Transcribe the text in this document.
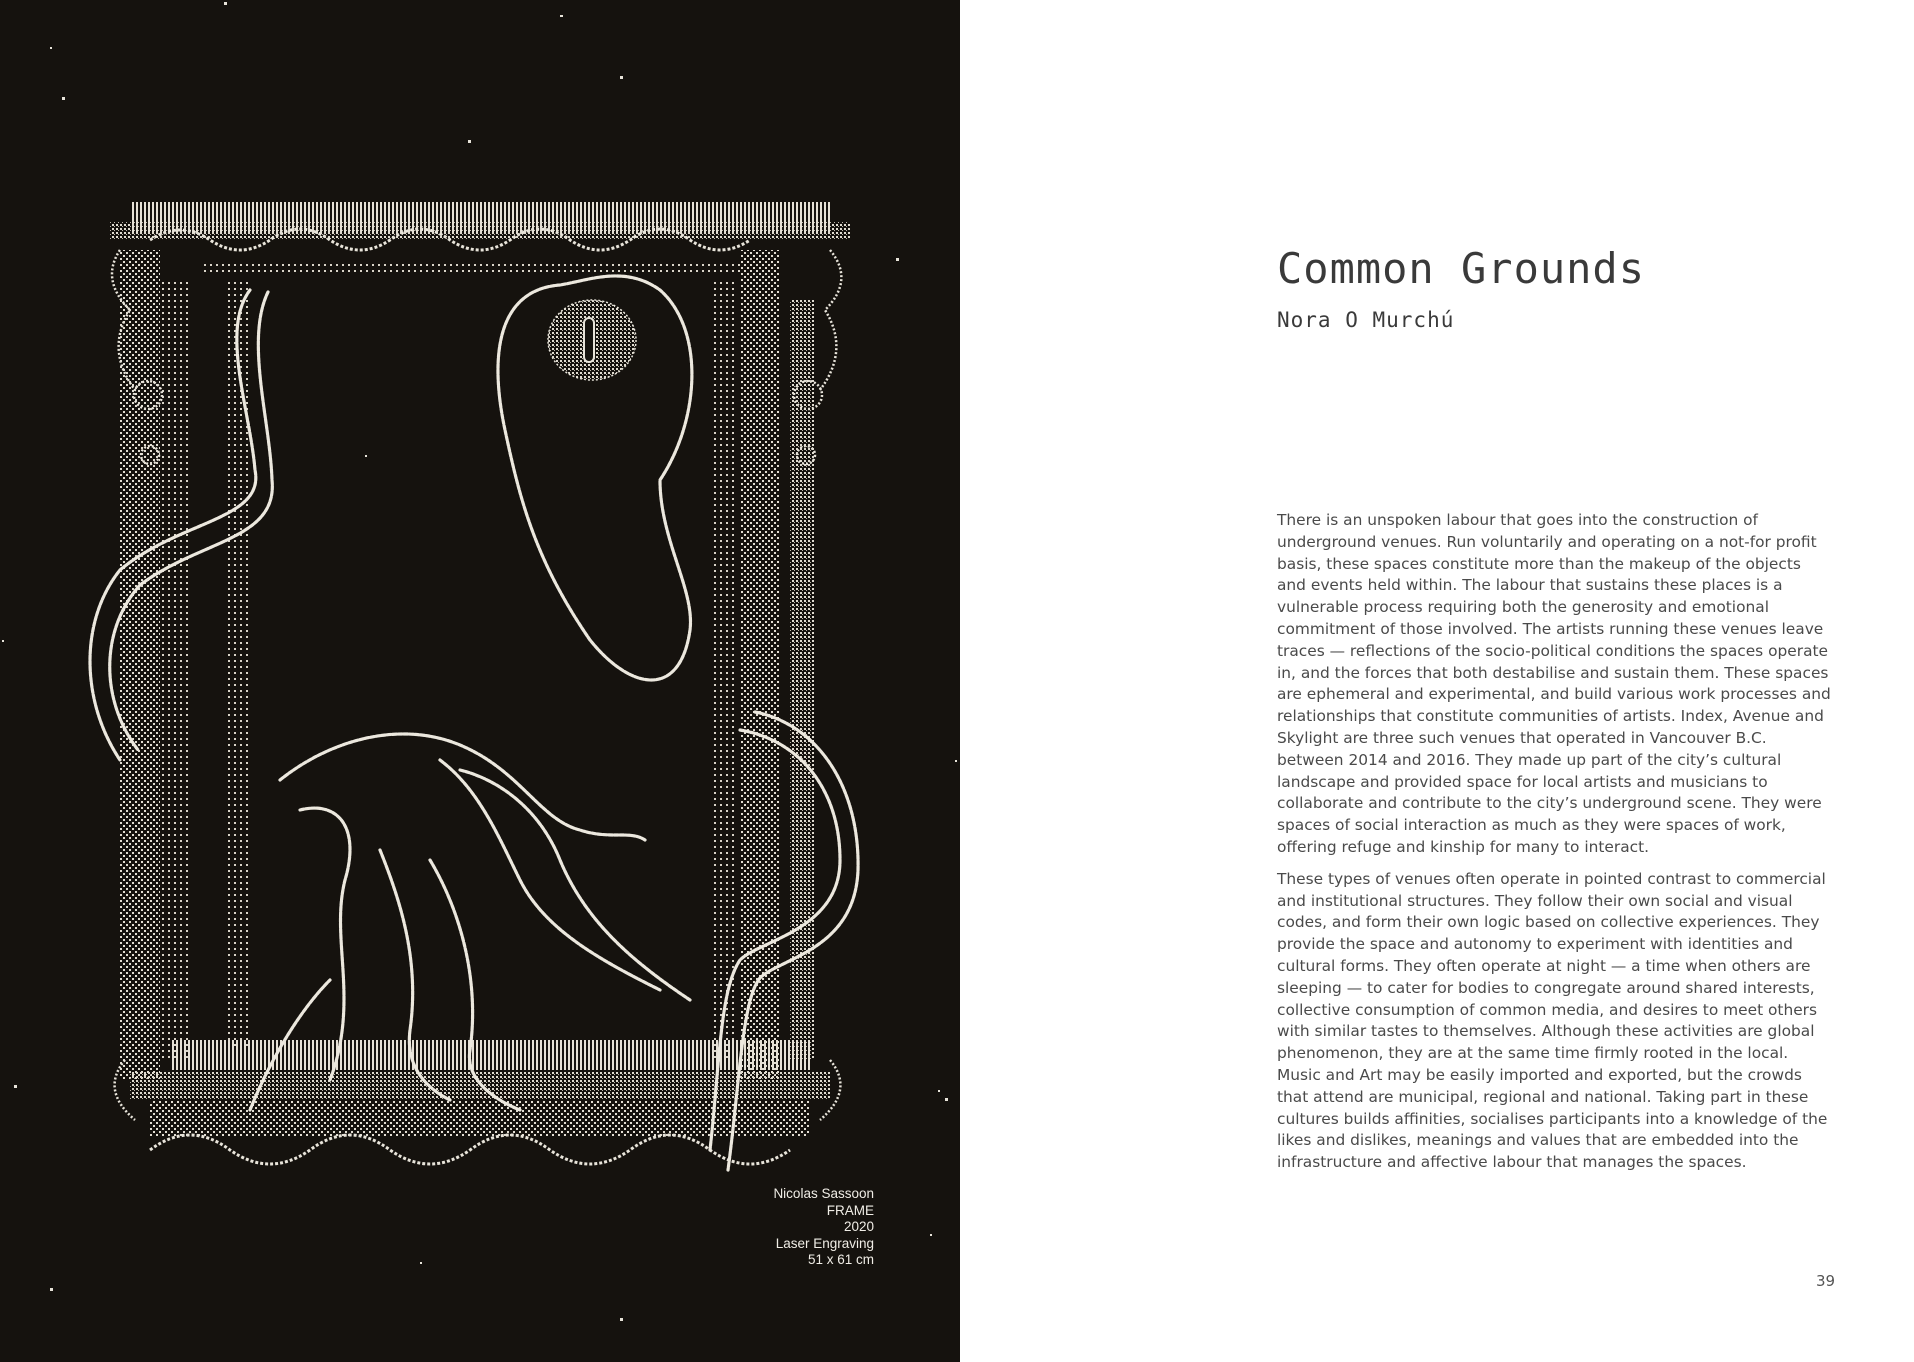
Nicolas Sassoon
FRAME
2020
Laser Engraving
51 x 61 cm
Common Grounds
Nora O Murchú

There is an unspoken labour that goes into the construction of underground venues. Run voluntarily and operating on a not-for profit basis, these spaces constitute more than the makeup of the objects and events held within. The labour that sustains these places is a vulnerable process requiring both the generosity and emotional commitment of those involved. The artists running these venues leave traces — reflections of the socio-political conditions the spaces operate in, and the forces that both destabilise and sustain them. These spaces are ephemeral and experimental, and build various work processes and relationships that constitute communities of artists. Index, Avenue and Skylight are three such venues that operated in Vancouver B.C. between 2014 and 2016. They made up part of the city’s cultural landscape and provided space for local artists and musicians to collaborate and contribute to the city’s underground scene. They were spaces of social interaction as much as they were spaces of work, offering refuge and kinship for many to interact.

These types of venues often operate in pointed contrast to commercial and institutional structures. They follow their own social and visual codes, and form their own logic based on collective experiences. They provide the space and autonomy to experiment with identities and cultural forms. They often operate at night — a time when others are sleeping — to cater for bodies to congregate around shared interests, collective consumption of common media, and desires to meet others with similar tastes to themselves. Although these activities are global phenomenon, they are at the same time firmly rooted in the local. Music and Art may be easily imported and exported, but the crowds that attend are municipal, regional and national. Taking part in these cultures builds affinities, socialises participants into a knowledge of the likes and dislikes, meanings and values that are embedded into the infrastructure and affective labour that manages the spaces.

39
